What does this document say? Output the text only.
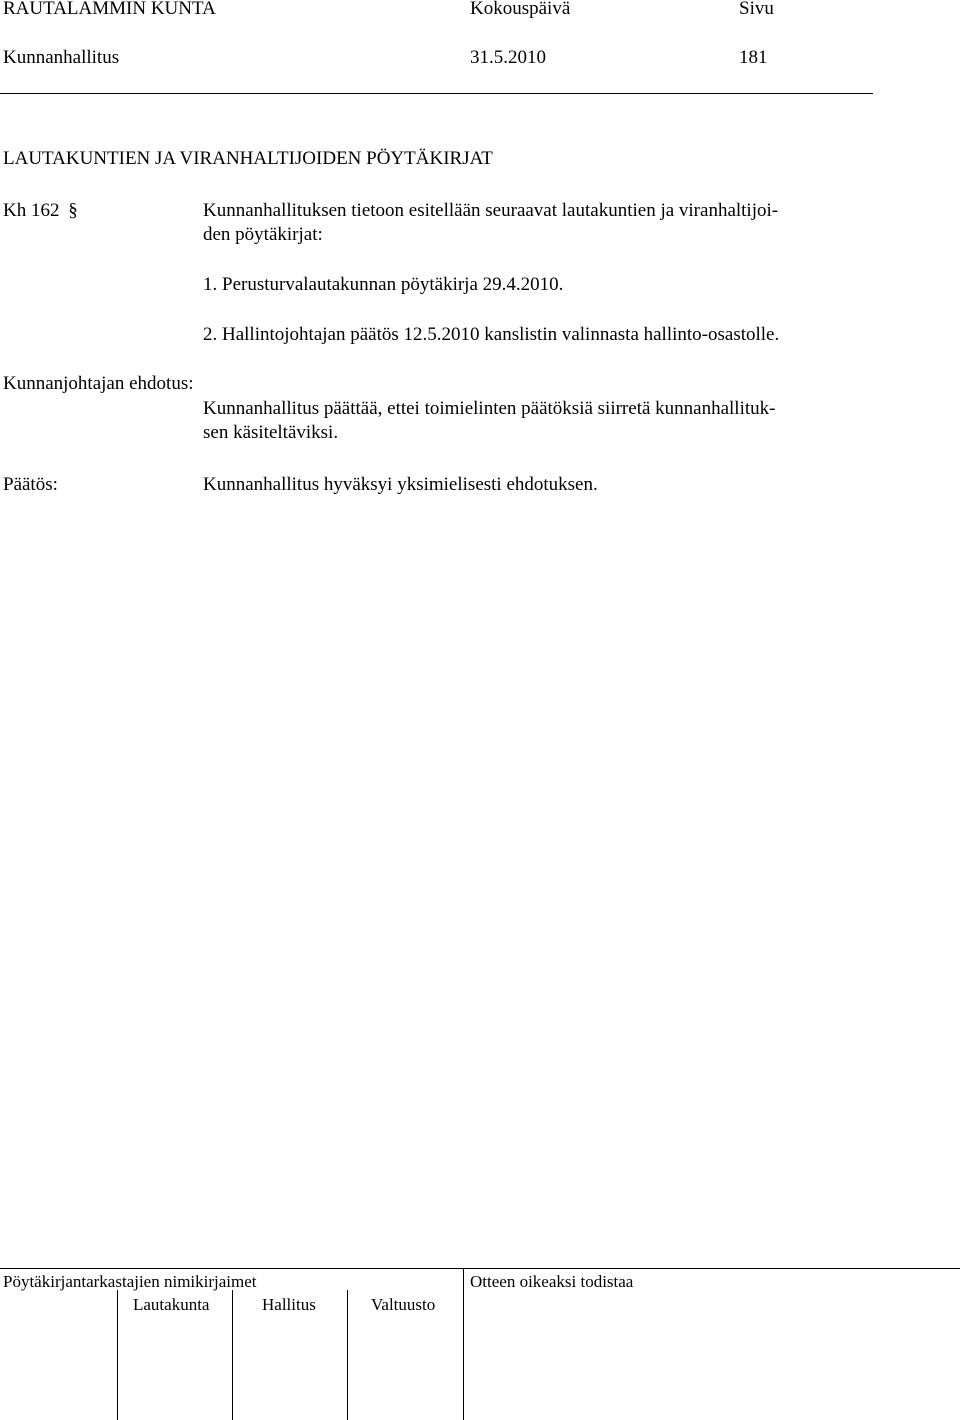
RAUTALAMMIN KUNTA	Kokouspäivä	Sivu
Kunnanhallitus	31.5.2010	181
LAUTAKUNTIEN JA VIRANHALTIJOIDEN PÖYTÄKIRJAT
Kh 162 §	Kunnanhallituksen tietoon esitellään seuraavat lautakuntien ja viranhaltijoi-
den pöytäkirjat:
1. Perusturvalautakunnan pöytäkirja 29.4.2010.
2. Hallintojohtajan päätös 12.5.2010 kanslistin valinnasta hallinto-osastolle.
Kunnanjohtajan ehdotus:
Kunnanhallitus päättää, ettei toimielinten päätöksiä siirretä kunnanhallituk-
sen käsiteltäviksi.
Päätös:	Kunnanhallitus hyväksyi yksimielisesti ehdotuksen.
Pöytäkirjantarkastajien nimikirjaimet	Otteen oikeaksi todistaa
Lautakunta	Hallitus	Valtuusto
